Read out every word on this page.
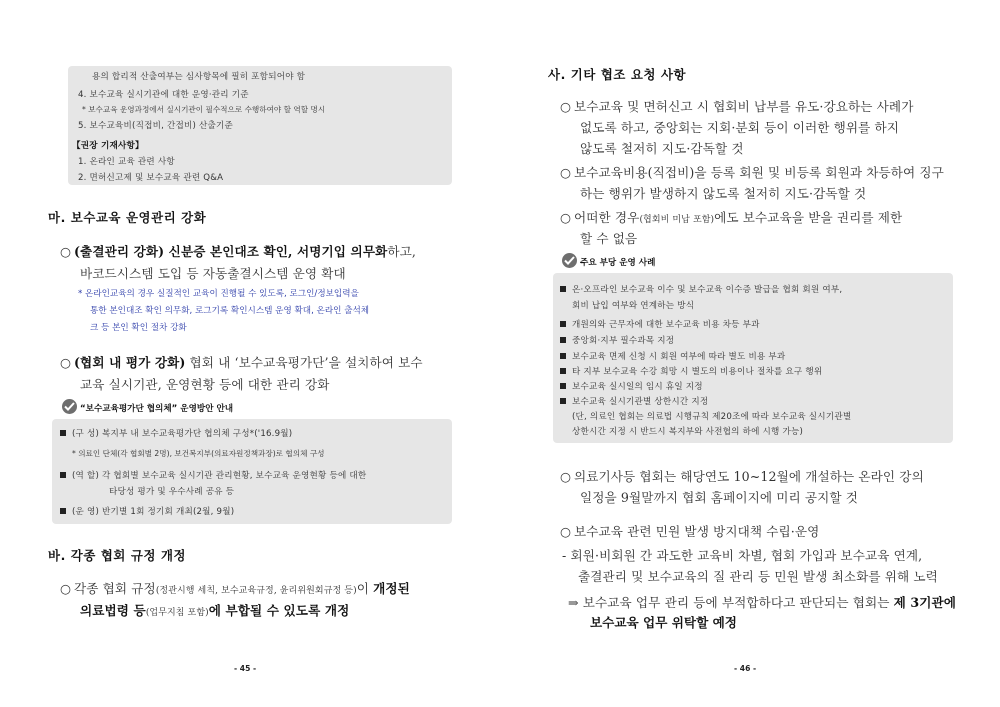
용의 합리적 산출여부는 심사항목에 필히 포함되어야 함
4. 보수교육 실시기관에 대한 운영·관리 기준
* 보수교육 운영과정에서 실시기관이 필수적으로 수행하여야 할 역할 명시
5. 보수교육비(직접비, 간접비) 산출기준
【권장 기재사항】
1. 온라인 교육 관련 사항
2. 면허신고제 및 보수교육 관련 Q&A
마. 보수교육 운영관리 강화
○ (출결관리 강화) 신분증 본인대조 확인, 서명기입 의무화하고,
바코드시스템 도입 등 자동출결시스템 운영 확대
* 온라인교육의 경우 실질적인 교육이 진행될 수 있도록, 로그인/정보입력을
통한 본인대조 확인 의무화, 로그기록 확인시스템 운영 확대, 온라인 출석체
크 등 본인 확인 절차 강화
○ (협회 내 평가 강화) 협회 내 ‘보수교육평가단’을 설치하여 보수
교육 실시기관, 운영현황 등에 대한 관리 강화
“보수교육평가단 협의체” 운영방안 안내
(구 성) 복지부 내 보수교육평가단 협의체 구성*('16.9월)
* 의료인 단체(각 협회별 2명), 보건복지부(의료자원정책과장)로 협의체 구성
(역 할) 각 협회별 보수교육 실시기관 관리현황, 보수교육 운영현황 등에 대한
타당성 평가 및 우수사례 공유 등
(운 영) 반기별 1회 정기회 개최(2월, 9월)
바. 각종 협회 규정 개정
○ 각종 협회 규정(정관시행 세칙, 보수교육규정, 윤리위원회규정 등)이 개정된
의료법령 등(업무지침 포함)에 부합될 수 있도록 개정
- 45 -
사. 기타 협조 요청 사항
○ 보수교육 및 면허신고 시 협회비 납부를 유도·강요하는 사례가
없도록 하고, 중앙회는 지회·분회 등이 이러한 행위를 하지
않도록 철저히 지도·감독할 것
○ 보수교육비용(직접비)을 등록 회원 및 비등록 회원과 차등하여 징구
하는 행위가 발생하지 않도록 철저히 지도·감독할 것
○ 어떠한 경우(협회비 미납 포함)에도 보수교육을 받을 권리를 제한
할 수 없음
주요 부당 운영 사례
온·오프라인 보수교육 이수 및 보수교육 이수증 발급을 협회 회원 여부,
회비 납입 여부와 연계하는 방식
개원의와 근무자에 대한 보수교육 비용 차등 부과
중앙회·지부 필수과목 지정
보수교육 면제 신청 시 회원 여부에 따라 별도 비용 부과
타 지부 보수교육 수강 희망 시 별도의 비용이나 절차를 요구 행위
보수교육 실시일의 임시 휴일 지정
보수교육 실시기관별 상한시간 지정
(단, 의료인 협회는 의료법 시행규칙 제20조에 따라 보수교육 실시기관별
상한시간 지정 시 반드시 복지부와 사전협의 하에 시행 가능)
○ 의료기사등 협회는 해당연도 10~12월에 개설하는 온라인 강의
일정을 9월말까지 협회 홈페이지에 미리 공지할 것
○ 보수교육 관련 민원 발생 방지대책 수립·운영
- 회원·비회원 간 과도한 교육비 차별, 협회 가입과 보수교육 연계,
출결관리 및 보수교육의 질 관리 등 민원 발생 최소화를 위해 노력
⇒ 보수교육 업무 관리 등에 부적합하다고 판단되는 협회는 제 3기관에
보수교육 업무 위탁할 예정
- 46 -
